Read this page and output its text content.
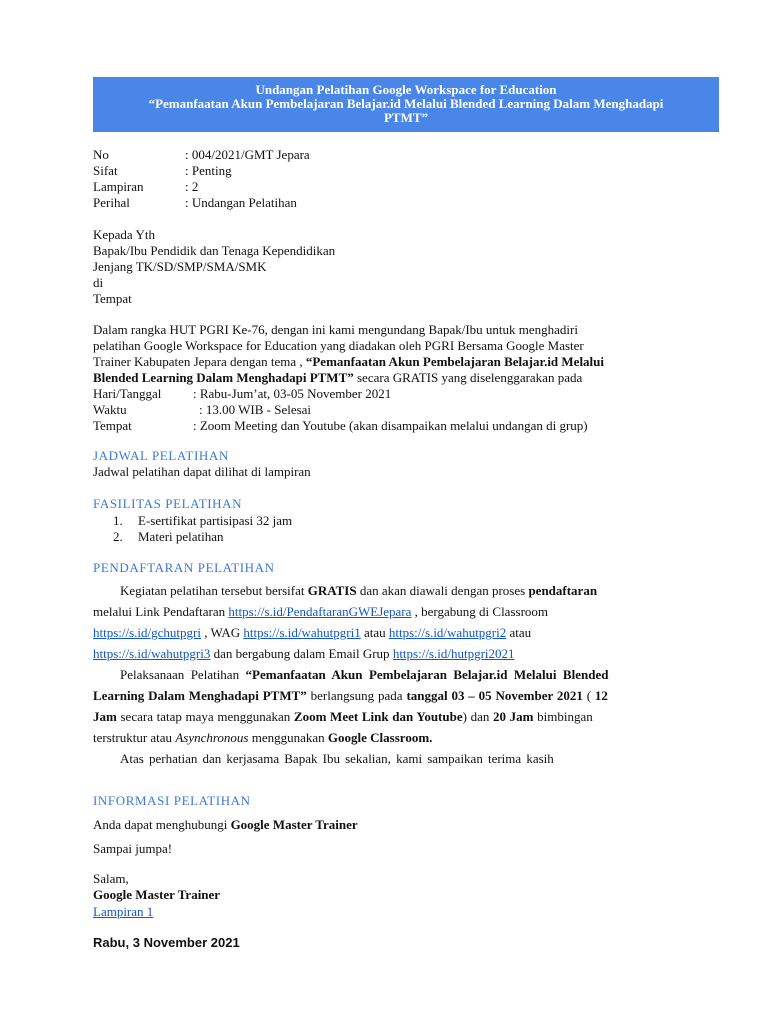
Undangan Pelatihan Google Workspace for Education
“Pemanfaatan Akun Pembelajaran Belajar.id Melalui Blended Learning Dalam Menghadapi
PTMT”
No	: 004/2021/GMT Jepara
Sifat	: Penting
Lampiran	: 2
Perihal	: Undangan Pelatihan
Kepada Yth
Bapak/Ibu Pendidik dan Tenaga Kependidikan
Jenjang TK/SD/SMP/SMA/SMK
di
Tempat
Dalam rangka HUT PGRI Ke-76, dengan ini kami mengundang Bapak/Ibu untuk menghadiri
pelatihan Google Workspace for Education yang diadakan oleh PGRI Bersama Google Master
Trainer Kabupaten Jepara dengan tema , “Pemanfaatan Akun Pembelajaran Belajar.id Melalui
Blended Learning Dalam Menghadapi PTMT” secara GRATIS yang diselenggarakan pada
Hari/Tanggal	: Rabu-Jum’at, 03-05 November 2021
Waktu	: 13.00 WIB - Selesai
Tempat	: Zoom Meeting dan Youtube (akan disampaikan melalui undangan di grup)
JADWAL PELATIHAN
Jadwal pelatihan dapat dilihat di lampiran
FASILITAS PELATIHAN
1.	E-sertifikat partisipasi 32 jam
2.	Materi pelatihan
PENDAFTARAN PELATIHAN
Kegiatan pelatihan tersebut bersifat GRATIS dan akan diawali dengan proses pendaftaran
melalui Link Pendaftaran https://s.id/PendaftaranGWEJepara , bergabung di Classroom
https://s.id/gchutpgri , WAG https://s.id/wahutpgri1 atau https://s.id/wahutpgri2 atau
https://s.id/wahutpgri3 dan bergabung dalam Email Grup https://s.id/hutpgri2021
Pelaksanaan Pelatihan “Pemanfaatan Akun Pembelajaran Belajar.id Melalui Blended
Learning Dalam Menghadapi PTMT” berlangsung pada tanggal 03 – 05 November 2021 ( 12
Jam secara tatap maya menggunakan Zoom Meet Link dan Youtube) dan 20 Jam bimbingan
terstruktur atau Asynchronous menggunakan Google Classroom.
Atas perhatian dan kerjasama Bapak Ibu sekalian, kami sampaikan terima kasih
INFORMASI PELATIHAN
Anda dapat menghubungi Google Master Trainer
Sampai jumpa!
Salam,
Google Master Trainer
Lampiran 1
Rabu, 3 November 2021
